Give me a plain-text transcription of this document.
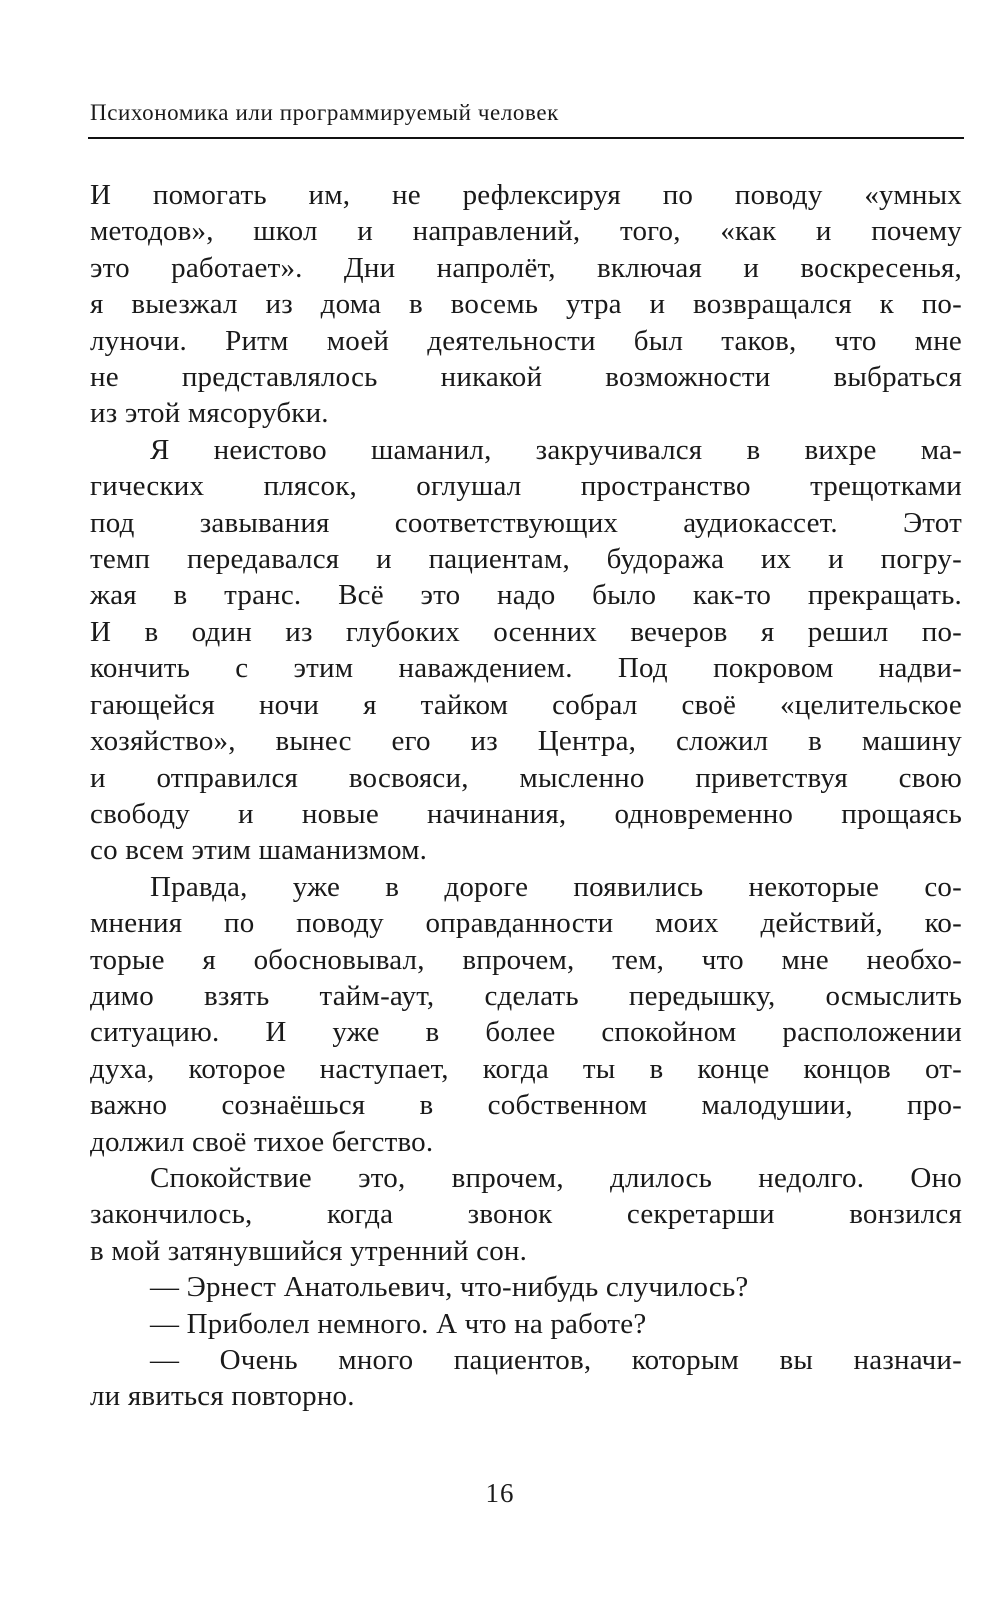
Психономика или программируемый человек

И помогать им, не рефлексируя по поводу «умных
методов», школ и направлений, того, «как и почему
это работает». Дни напролёт, включая и воскресенья,
я выезжал из дома в восемь утра и возвращался к по-
луночи. Ритм моей деятельности был таков, что мне
не представлялось никакой возможности выбраться
из этой мясорубки.

Я неистово шаманил, закручивался в вихре ма-
гических плясок, оглушал пространство трещотками
под завывания соответствующих аудиокассет. Этот
темп передавался и пациентам, будоража их и погру-
жая в транс. Всё это надо было как-то прекращать.
И в один из глубоких осенних вечеров я решил по-
кончить с этим наваждением. Под покровом надви-
гающейся ночи я тайком собрал своё «целительское
хозяйство», вынес его из Центра, сложил в машину
и отправился восвояси, мысленно приветствуя свою
свободу и новые начинания, одновременно прощаясь
со всем этим шаманизмом.

Правда, уже в дороге появились некоторые со-
мнения по поводу оправданности моих действий, ко-
торые я обосновывал, впрочем, тем, что мне необхо-
димо взять тайм-аут, сделать передышку, осмыслить
ситуацию. И уже в более спокойном расположении
духа, которое наступает, когда ты в конце концов от-
важно сознаёшься в собственном малодушии, про-
должил своё тихое бегство.

Спокойствие это, впрочем, длилось недолго. Оно
закончилось, когда звонок секретарши вонзился
в мой затянувшийся утренний сон.

— Эрнест Анатольевич, что-нибудь случилось?

— Приболел немного. А что на работе?

— Очень много пациентов, которым вы назначи-
ли явиться повторно.

16
